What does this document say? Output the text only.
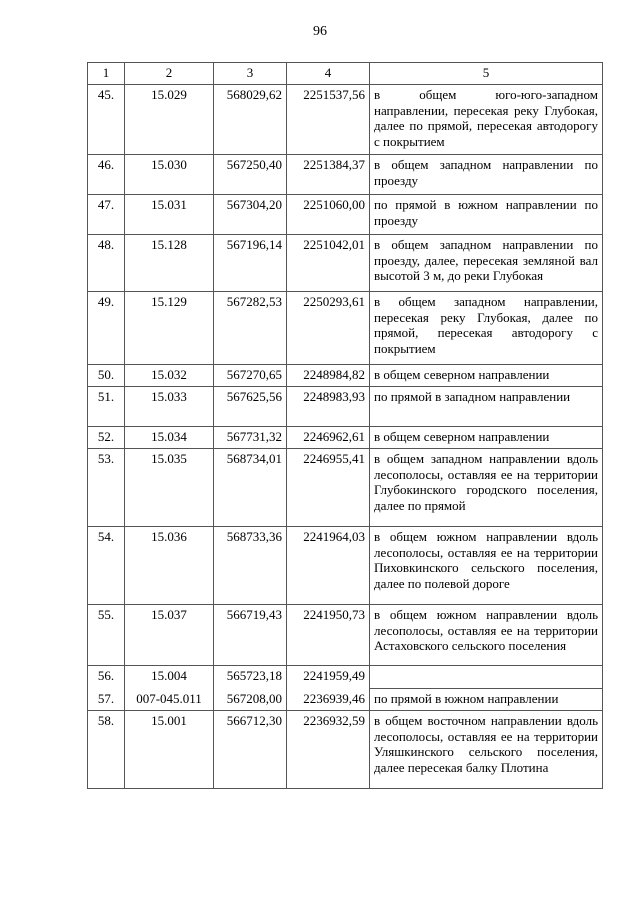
96
1	2	3	4	5
45.	15.029	568029,62	2251537,56	в общем юго-юго-западном направлении, пересекая реку Глубокая, далее по прямой, пересекая автодорогу с покрытием
46.	15.030	567250,40	2251384,37	в общем западном направлении по проезду
47.	15.031	567304,20	2251060,00	по прямой в южном направлении по проезду
48.	15.128	567196,14	2251042,01	в общем западном направлении по проезду, далее, пересекая земляной вал высотой 3 м, до реки Глубокая
49.	15.129	567282,53	2250293,61	в общем западном направлении, пересекая реку Глубокая, далее по прямой, пересекая автодорогу с покрытием
50.	15.032	567270,65	2248984,82	в общем северном направлении
51.	15.033	567625,56	2248983,93	по прямой в западном направлении
52.	15.034	567731,32	2246962,61	в общем северном направлении
53.	15.035	568734,01	2246955,41	в общем западном направлении вдоль лесополосы, оставляя ее на территории Глубокинского городского поселения, далее по прямой
54.	15.036	568733,36	2241964,03	в общем южном направлении вдоль лесополосы, оставляя ее на территории Пиховкинского сельского поселения, далее по полевой дороге
55.	15.037	566719,43	2241950,73	в общем южном направлении вдоль лесополосы, оставляя ее на территории Астаховского сельского поселения
56.	15.004	565723,18	2241959,49	
57.	007-045.011	567208,00	2236939,46	по прямой в южном направлении
58.	15.001	566712,30	2236932,59	в общем восточном направлении вдоль лесополосы, оставляя ее на территории Уляшкинского сельского поселения, далее пересекая балку Плотина
